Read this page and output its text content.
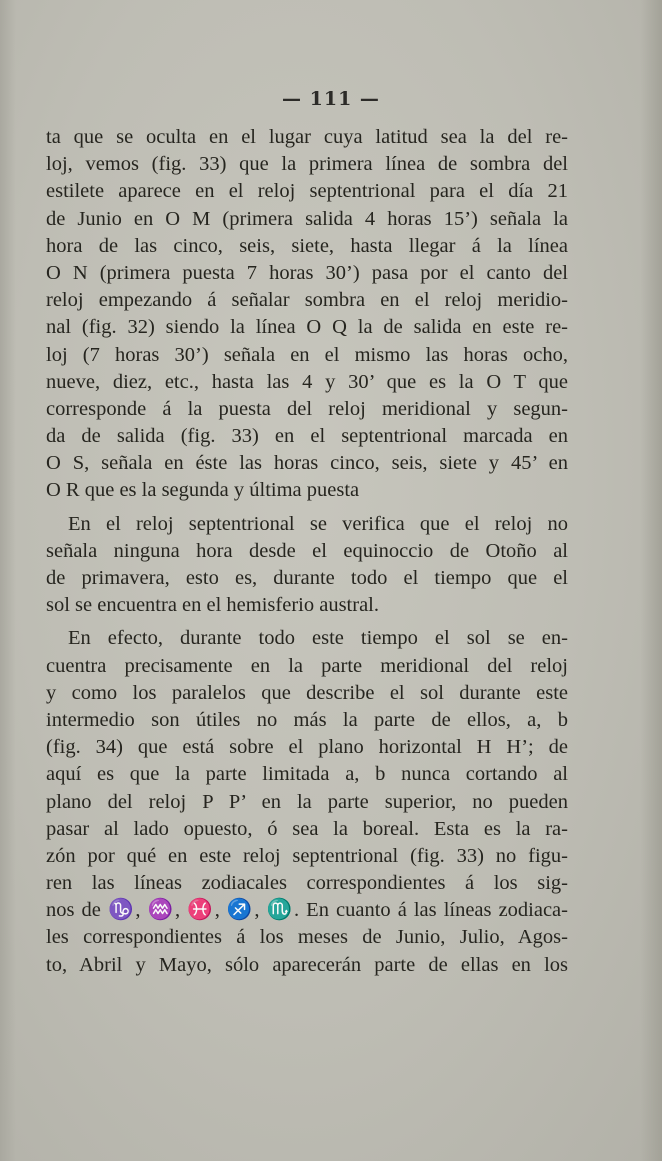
— 111 —
ta que se oculta en el lugar cuya latitud sea la del re-
loj, vemos (fig. 33) que la primera línea de sombra del
estilete aparece en el reloj septentrional para el día 21
de Junio en O M (primera salida 4 horas 15’) señala la
hora de las cinco, seis, siete, hasta llegar á la línea
O N (primera puesta 7 horas 30’) pasa por el canto del
reloj empezando á señalar sombra en el reloj meridio-
nal (fig. 32) siendo la línea O Q la de salida en este re-
loj (7 horas 30’) señala en el mismo las horas ocho,
nueve, diez, etc., hasta las 4 y 30’ que es la O T que
corresponde á la puesta del reloj meridional y segun-
da de salida (fig. 33) en el septentrional marcada en
O S, señala en éste las horas cinco, seis, siete y 45’ en
O R que es la segunda y última puesta
En el reloj septentrional se verifica que el reloj no
señala ninguna hora desde el equinoccio de Otoño al
de primavera, esto es, durante todo el tiempo que el
sol se encuentra en el hemisferio austral.
En efecto, durante todo este tiempo el sol se en-
cuentra precisamente en la parte meridional del reloj
y como los paralelos que describe el sol durante este
intermedio son útiles no más la parte de ellos, a, b
(fig. 34) que está sobre el plano horizontal H H’; de
aquí es que la parte limitada a, b nunca cortando al
plano del reloj P P’ en la parte superior, no pueden
pasar al lado opuesto, ó sea la boreal. Esta es la ra-
zón por qué en este reloj septentrional (fig. 33) no figu-
ren las líneas zodiacales correspondientes á los sig-
nos de ♑, ♒, ♓, ♐, ♏. En cuanto á las líneas zodiaca-
les correspondientes á los meses de Junio, Julio, Agos-
to, Abril y Mayo, sólo aparecerán parte de ellas en los
